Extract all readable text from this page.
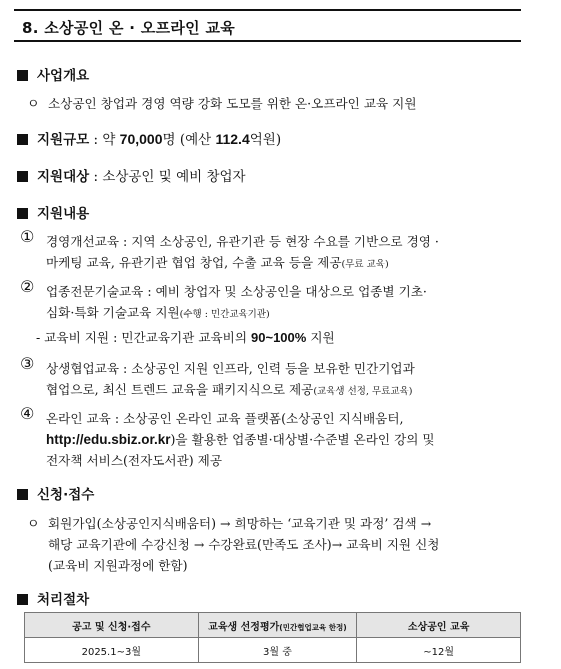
8. 소상공인 온 · 오프라인 교육
사업개요
ㅇ 소상공인 창업과 경영 역량 강화 도모를 위한 온·오프라인 교육 지원
지원규모 : 약 70,000명 (예산 112.4억원)
지원대상 : 소상공인 및 예비 창업자
지원내용
① 경영개선교육 : 지역 소상공인, 유관기관 등 현장 수요를 기반으로 경영 ·
마케팅 교육, 유관기관 협업 창업, 수출 교육 등을 제공(무료 교육)
② 업종전문기술교육 : 예비 창업자 및 소상공인을 대상으로 업종별 기초·
심화·특화 기술교육 지원(수행 : 민간교육기관)
- 교육비 지원 : 민간교육기관 교육비의 90~100% 지원
③ 상생협업교육 : 소상공인 지원 인프라, 인력 등을 보유한 민간기업과
협업으로, 최신 트렌드 교육을 패키지식으로 제공(교육생 선정, 무료교육)
④ 온라인 교육 : 소상공인 온라인 교육 플랫폼(소상공인 지식배움터,
http://edu.sbiz.or.kr)을 활용한 업종별·대상별·수준별 온라인 강의 및
전자책 서비스(전자도서관) 제공
신청·접수
ㅇ 회원가입(소상공인지식배움터) → 희망하는 ‘교육기관 및 과정’ 검색 →
해당 교육기관에 수강신청 → 수강완료(만족도 조사)→ 교육비 지원 신청
(교육비 지원과정에 한함)
처리절차
공고 및 신청·접수	교육생 선정평가(민간협업교육 한정)	소상공인 교육
2025.1~3월	3월 중	~12월
